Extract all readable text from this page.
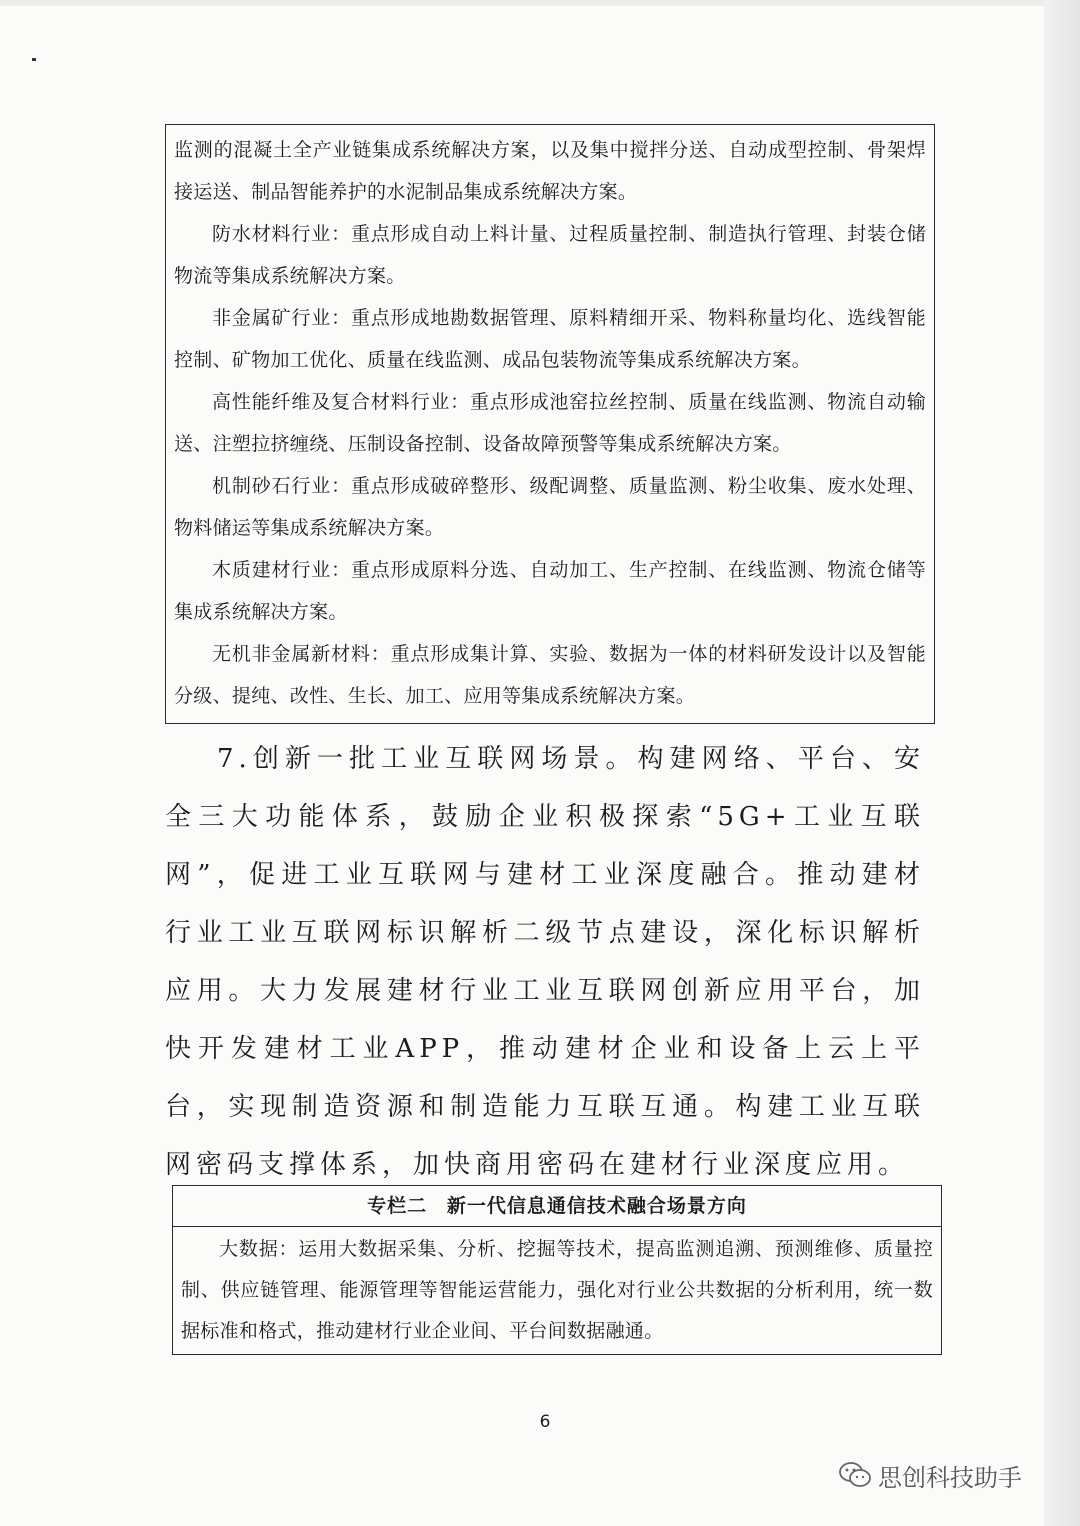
监测的混凝土全产业链集成系统解决方案，以及集中搅拌分送、自动成型控制、骨架焊接运送、制品智能养护的水泥制品集成系统解决方案。

防水材料行业：重点形成自动上料计量、过程质量控制、制造执行管理、封装仓储物流等集成系统解决方案。

非金属矿行业：重点形成地勘数据管理、原料精细开采、物料称量均化、选线智能控制、矿物加工优化、质量在线监测、成品包装物流等集成系统解决方案。

高性能纤维及复合材料行业：重点形成池窑拉丝控制、质量在线监测、物流自动输送、注塑拉挤缠绕、压制设备控制、设备故障预警等集成系统解决方案。

机制砂石行业：重点形成破碎整形、级配调整、质量监测、粉尘收集、废水处理、物料储运等集成系统解决方案。

木质建材行业：重点形成原料分选、自动加工、生产控制、在线监测、物流仓储等集成系统解决方案。

无机非金属新材料：重点形成集计算、实验、数据为一体的材料研发设计以及智能分级、提纯、改性、生长、加工、应用等集成系统解决方案。

7.创新一批工业互联网场景。构建网络、平台、安全三大功能体系，鼓励企业积极探索“5G+工业互联网”，促进工业互联网与建材工业深度融合。推动建材行业工业互联网标识解析二级节点建设，深化标识解析应用。大力发展建材行业工业互联网创新应用平台，加快开发建材工业APP，推动建材企业和设备上云上平台，实现制造资源和制造能力互联互通。构建工业互联网密码支撑体系，加快商用密码在建材行业深度应用。

专栏二 新一代信息通信技术融合场景方向

大数据：运用大数据采集、分析、挖掘等技术，提高监测追溯、预测维修、质量控制、供应链管理、能源管理等智能运营能力，强化对行业公共数据的分析利用，统一数据标准和格式，推动建材行业企业间、平台间数据融通。

6
思创科技助手
